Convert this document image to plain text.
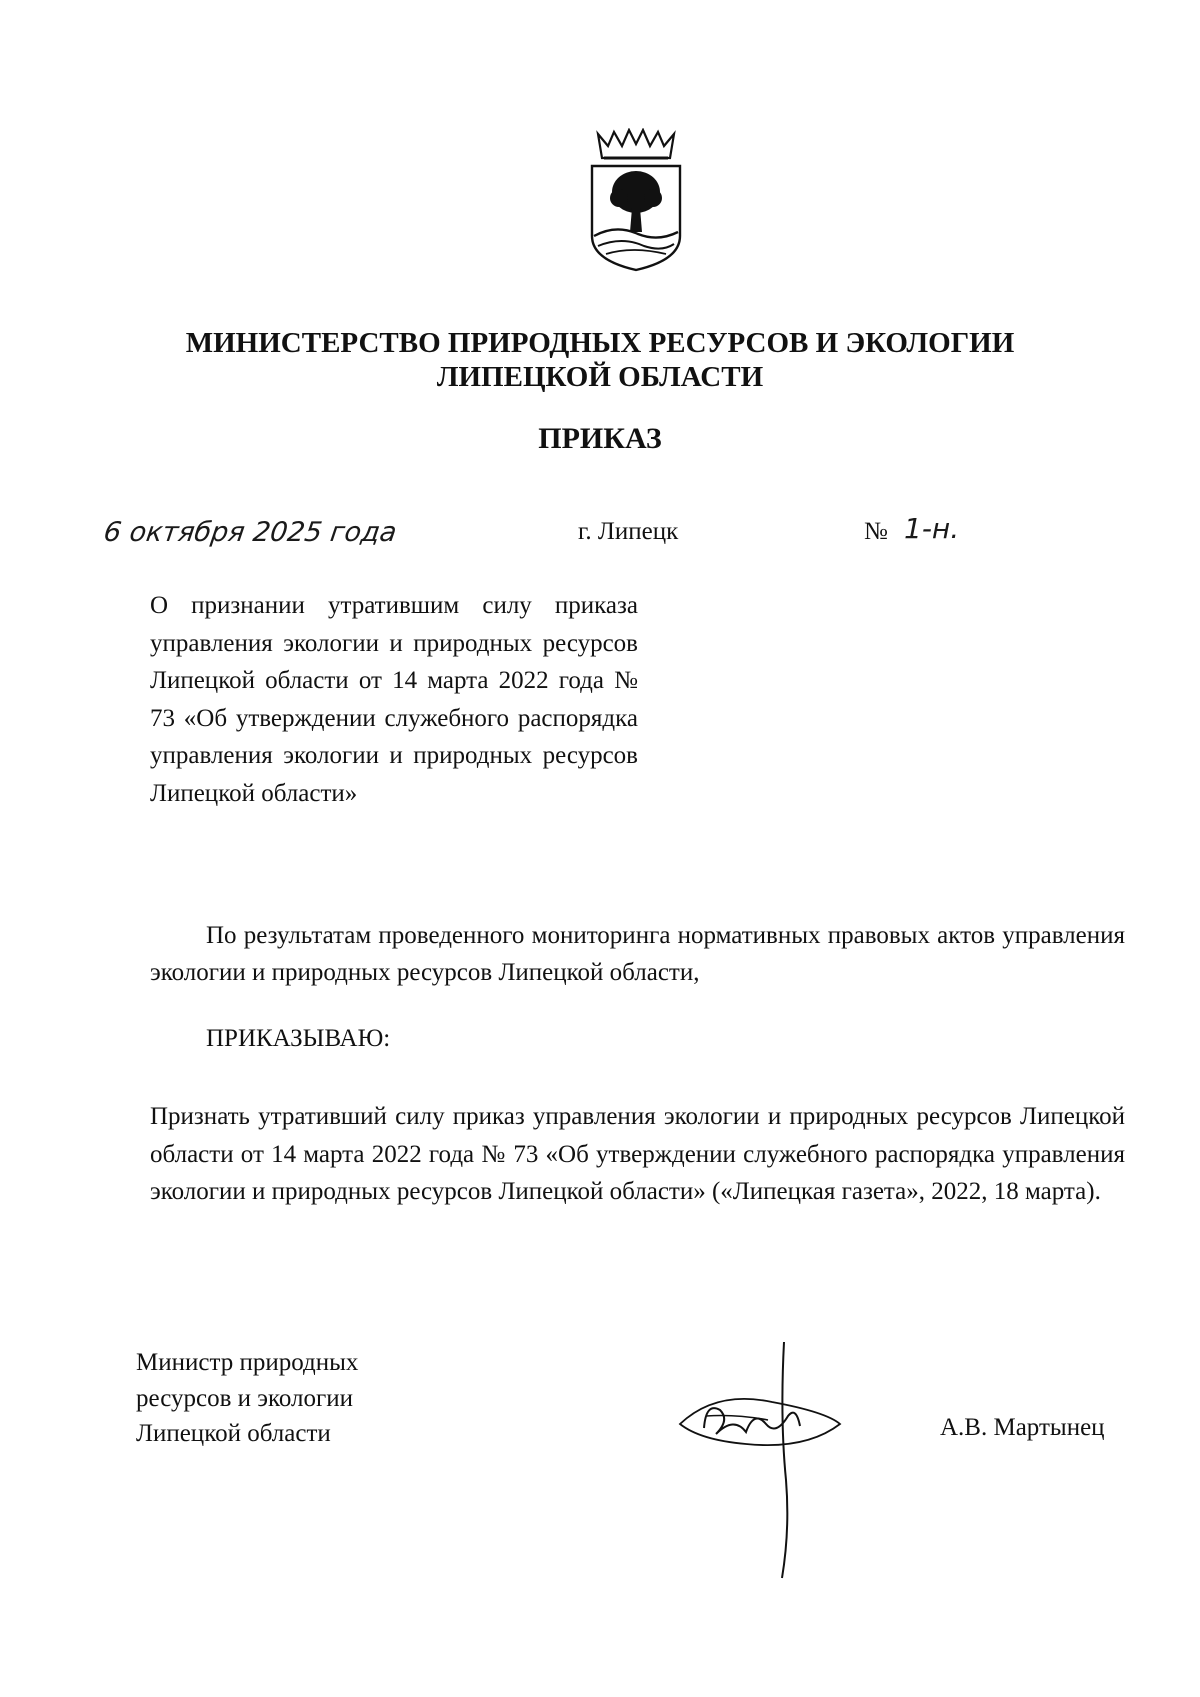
МИНИСТЕРСТВО ПРИРОДНЫХ РЕСУРСОВ И ЭКОЛОГИИ
ЛИПЕЦКОЙ ОБЛАСТИ
ПРИКАЗ
6 октября 2025 года	г. Липецк	№ 1-н.
О признании утратившим силу приказа управления экологии и природных ресурсов Липецкой области от 14 марта 2022 года № 73 «Об утверждении служебного распорядка управления экологии и природных ресурсов Липецкой области»
По результатам проведенного мониторинга нормативных правовых актов управления экологии и природных ресурсов Липецкой области,
ПРИКАЗЫВАЮ:
Признать утративший силу приказ управления экологии и природных ресурсов Липецкой области от 14 марта 2022 года № 73 «Об утверждении служебного распорядка управления экологии и природных ресурсов Липецкой области» («Липецкая газета», 2022, 18 марта).
Министр природных
ресурсов и экологии
Липецкой области	А.В. Мартынец
